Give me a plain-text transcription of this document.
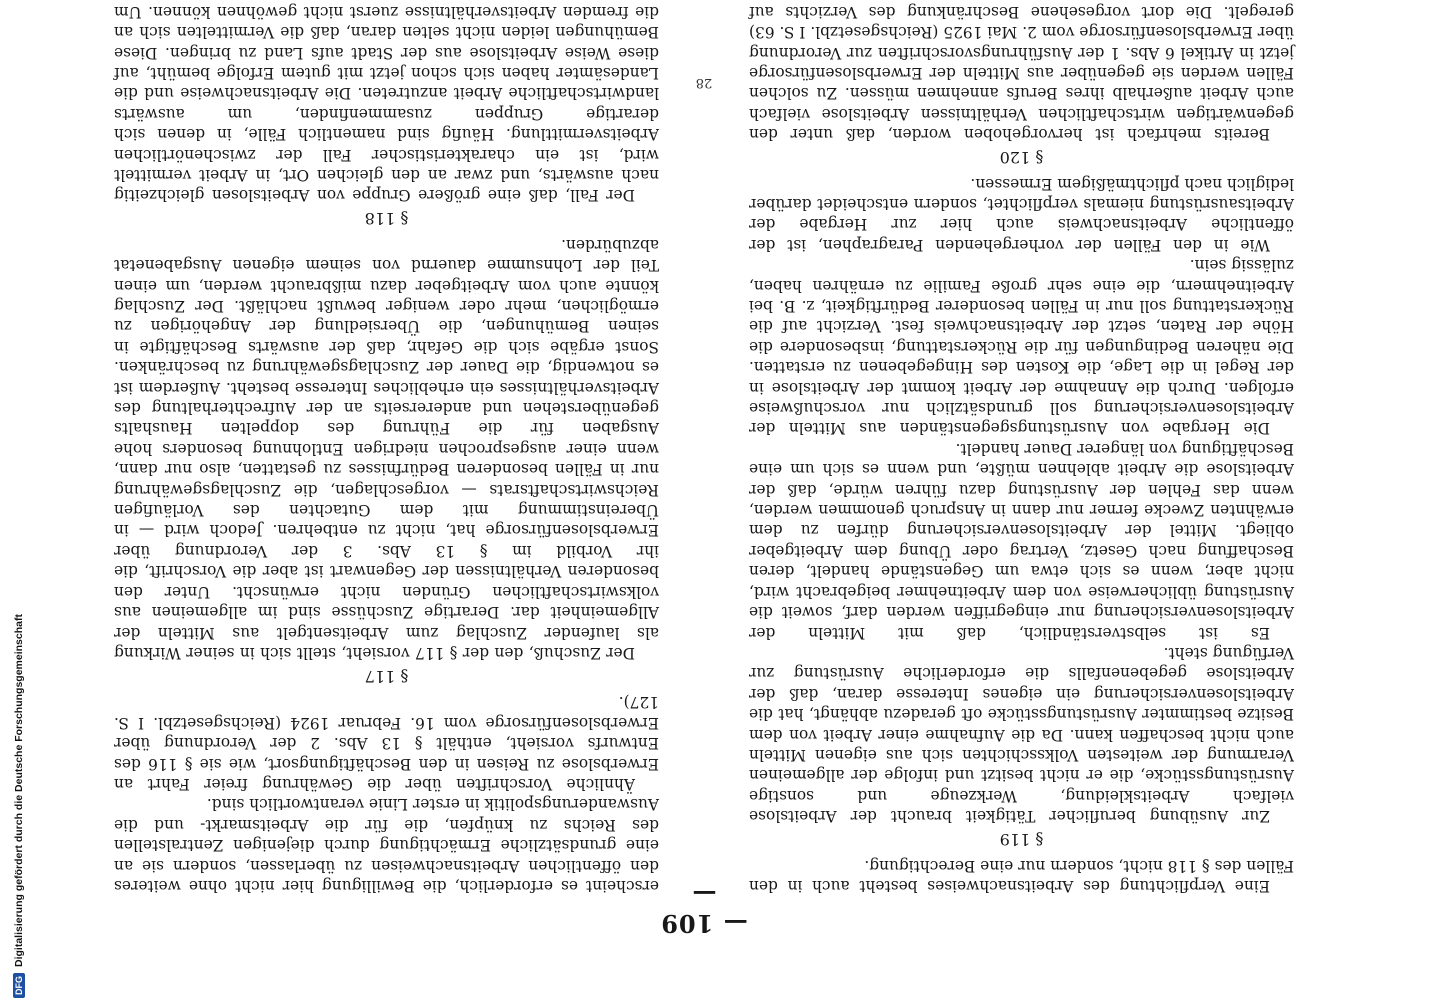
— 109 —	Eine Verpflichtung des Arbeitsnachweises besteht auch in den Fällen des § 118 nicht, sondern nur eine Berechtigung.

§ 119

Zur Ausübung beruflicher Tätigkeit braucht der Arbeitslose vielfach Arbeitskleidung, Werkzeuge und sonstige Ausrüstungsstücke, die er nicht besitzt und infolge der allgemeinen Verarmung der weitesten Volksschichten sich aus eigenen Mitteln auch nicht beschaffen kann. Da die Aufnahme einer Arbeit von dem Besitze bestimmter Ausrüstungsstücke oft geradezu abhängt, hat die Arbeitslosenversicherung ein eigenes Interesse daran, daß der Arbeitslose gegebenenfalls die erforderliche Ausrüstung zur Verfügung steht.

Es ist selbstverständlich, daß mit Mitteln der Arbeitslosenversicherung nur eingegriffen werden darf, soweit die Ausrüstung üblicherweise von dem Arbeitnehmer beigebracht wird, nicht aber, wenn es sich etwa um Gegenstände handelt, deren Beschaffung nach Gesetz, Vertrag oder Übung dem Arbeitgeber obliegt. Mittel der Arbeitslosenversicherung dürfen zu dem erwähnten Zwecke ferner nur dann in Anspruch genommen werden, wenn das Fehlen der Ausrüstung dazu führen würde, daß der Arbeitslose die Arbeit ablehnen müßte, und wenn es sich um eine Beschäftigung von längerer Dauer handelt.

Die Hergabe von Ausrüstungsgegenständen aus Mitteln der Arbeitslosenversicherung soll grundsätzlich nur vorschußweise erfolgen. Durch die Annahme der Arbeit kommt der Arbeitslose in der Regel in die Lage, die Kosten des Hingegebenen zu erstatten. Die näheren Bedingungen für die Rückerstattung, insbesondere die Höhe der Raten, setzt der Arbeitsnachweis fest. Verzicht auf die Rückerstattung soll nur in Fällen besonderer Bedürftigkeit, z. B. bei Arbeitnehmern, die eine sehr große Familie zu ernähren haben, zulässig sein.

Wie in den Fällen der vorhergehenden Paragraphen, ist der öffentliche Arbeitsnachweis auch hier zur Hergabe der Arbeitsausrüstung niemals verpflichtet, sondern entscheidet darüber lediglich nach pflichtmäßigem Ermessen.

§ 120

Bereits mehrfach ist hervorgehoben worden, daß unter den gegenwärtigen wirtschaftlichen Verhältnissen Arbeitslose vielfach auch Arbeit außerhalb ihres Berufs annehmen müssen. Zu solchen Fällen werden sie gegenüber aus Mitteln der Erwerbslosenfürsorge jetzt in Artikel 6 Abs. 1 der Ausführungsvorschriften zur Verordnung über Erwerbslosenfürsorge vom 2. Mai 1925 (Reichsgesetzbl. I S. 63) geregelt. Die dort vorgesehene Beschränkung des Verzichts auf

erscheint es erforderlich, die Bewilligung hier nicht ohne weiteres den öffentlichen Arbeitsnachweisen zu überlassen, sondern sie an eine grundsätzliche Ermächtigung durch diejenigen Zentralstellen des Reichs zu knüpfen, die für die Arbeitsmarkt- und die Auswanderungspolitik in erster Linie verantwortlich sind.

Ähnliche Vorschriften über die Gewährung freier Fahrt an Erwerbslose zu Reisen in den Beschäftigungsort, wie sie § 116 des Entwurfs vorsieht, enthält § 13 Abs. 2 der Verordnung über Erwerbslosenfürsorge vom 16. Februar 1924 (Reichsgesetzbl. I S. 127).

§ 117

Der Zuschuß, den der § 117 vorsieht, stellt sich in seiner Wirkung als laufender Zuschlag zum Arbeitsentgelt aus Mitteln der Allgemeinheit dar. Derartige Zuschüsse sind im allgemeinen aus volkswirtschaftlichen Gründen nicht erwünscht. Unter den besonderen Verhältnissen der Gegenwart ist aber die Vorschrift, die ihr Vorbild im § 13 Abs. 3 der Verordnung über Erwerbslosenfürsorge hat, nicht zu entbehren. Jedoch wird — in Übereinstimmung mit dem Gutachten des Vorläufigen Reichswirtschaftsrats — vorgeschlagen, die Zuschlagsgewährung nur in Fällen besonderen Bedürfnisses zu gestatten, also nur dann, wenn einer ausgesprochen niedrigen Entlohnung besonders hohe Ausgaben für die Führung des doppelten Haushalts gegenüberstehen und andererseits an der Aufrechterhaltung des Arbeitsverhältnisses ein erhebliches Interesse besteht. Außerdem ist es notwendig, die Dauer der Zuschlagsgewährung zu beschränken. Sonst ergäbe sich die Gefahr, daß der auswärts Beschäftigte in seinen Bemühungen, die Übersiedlung der Angehörigen zu ermöglichen, mehr oder weniger bewußt nachläßt. Der Zuschlag könnte auch vom Arbeitgeber dazu mißbraucht werden, um einen Teil der Lohnsumme dauernd von seinem eigenen Ausgabenetat abzubürden.

§ 118

Der Fall, daß eine größere Gruppe von Arbeitslosen gleichzeitig nach auswärts, und zwar an den gleichen Ort, in Arbeit vermittelt wird, ist ein charakteristischer Fall der zwischenörtlichen Arbeitsvermittlung. Häufig sind namentlich Fälle, in denen sich derartige Gruppen zusammenfinden, um auswärts landwirtschaftliche Arbeit anzutreten. Die Arbeitsnachweise und die Landesämter haben sich schon jetzt mit gutem Erfolge bemüht, auf diese Weise Arbeitslose aus der Stadt aufs Land zu bringen. Diese Bemühungen leiden nicht selten daran, daß die Vermittelten sich an die fremden Arbeitsverhältnisse zuerst nicht gewöhnen können. Um

28
DFG
Digitalisierung gefördert durch die Deutsche Forschungsgemeinschaft
